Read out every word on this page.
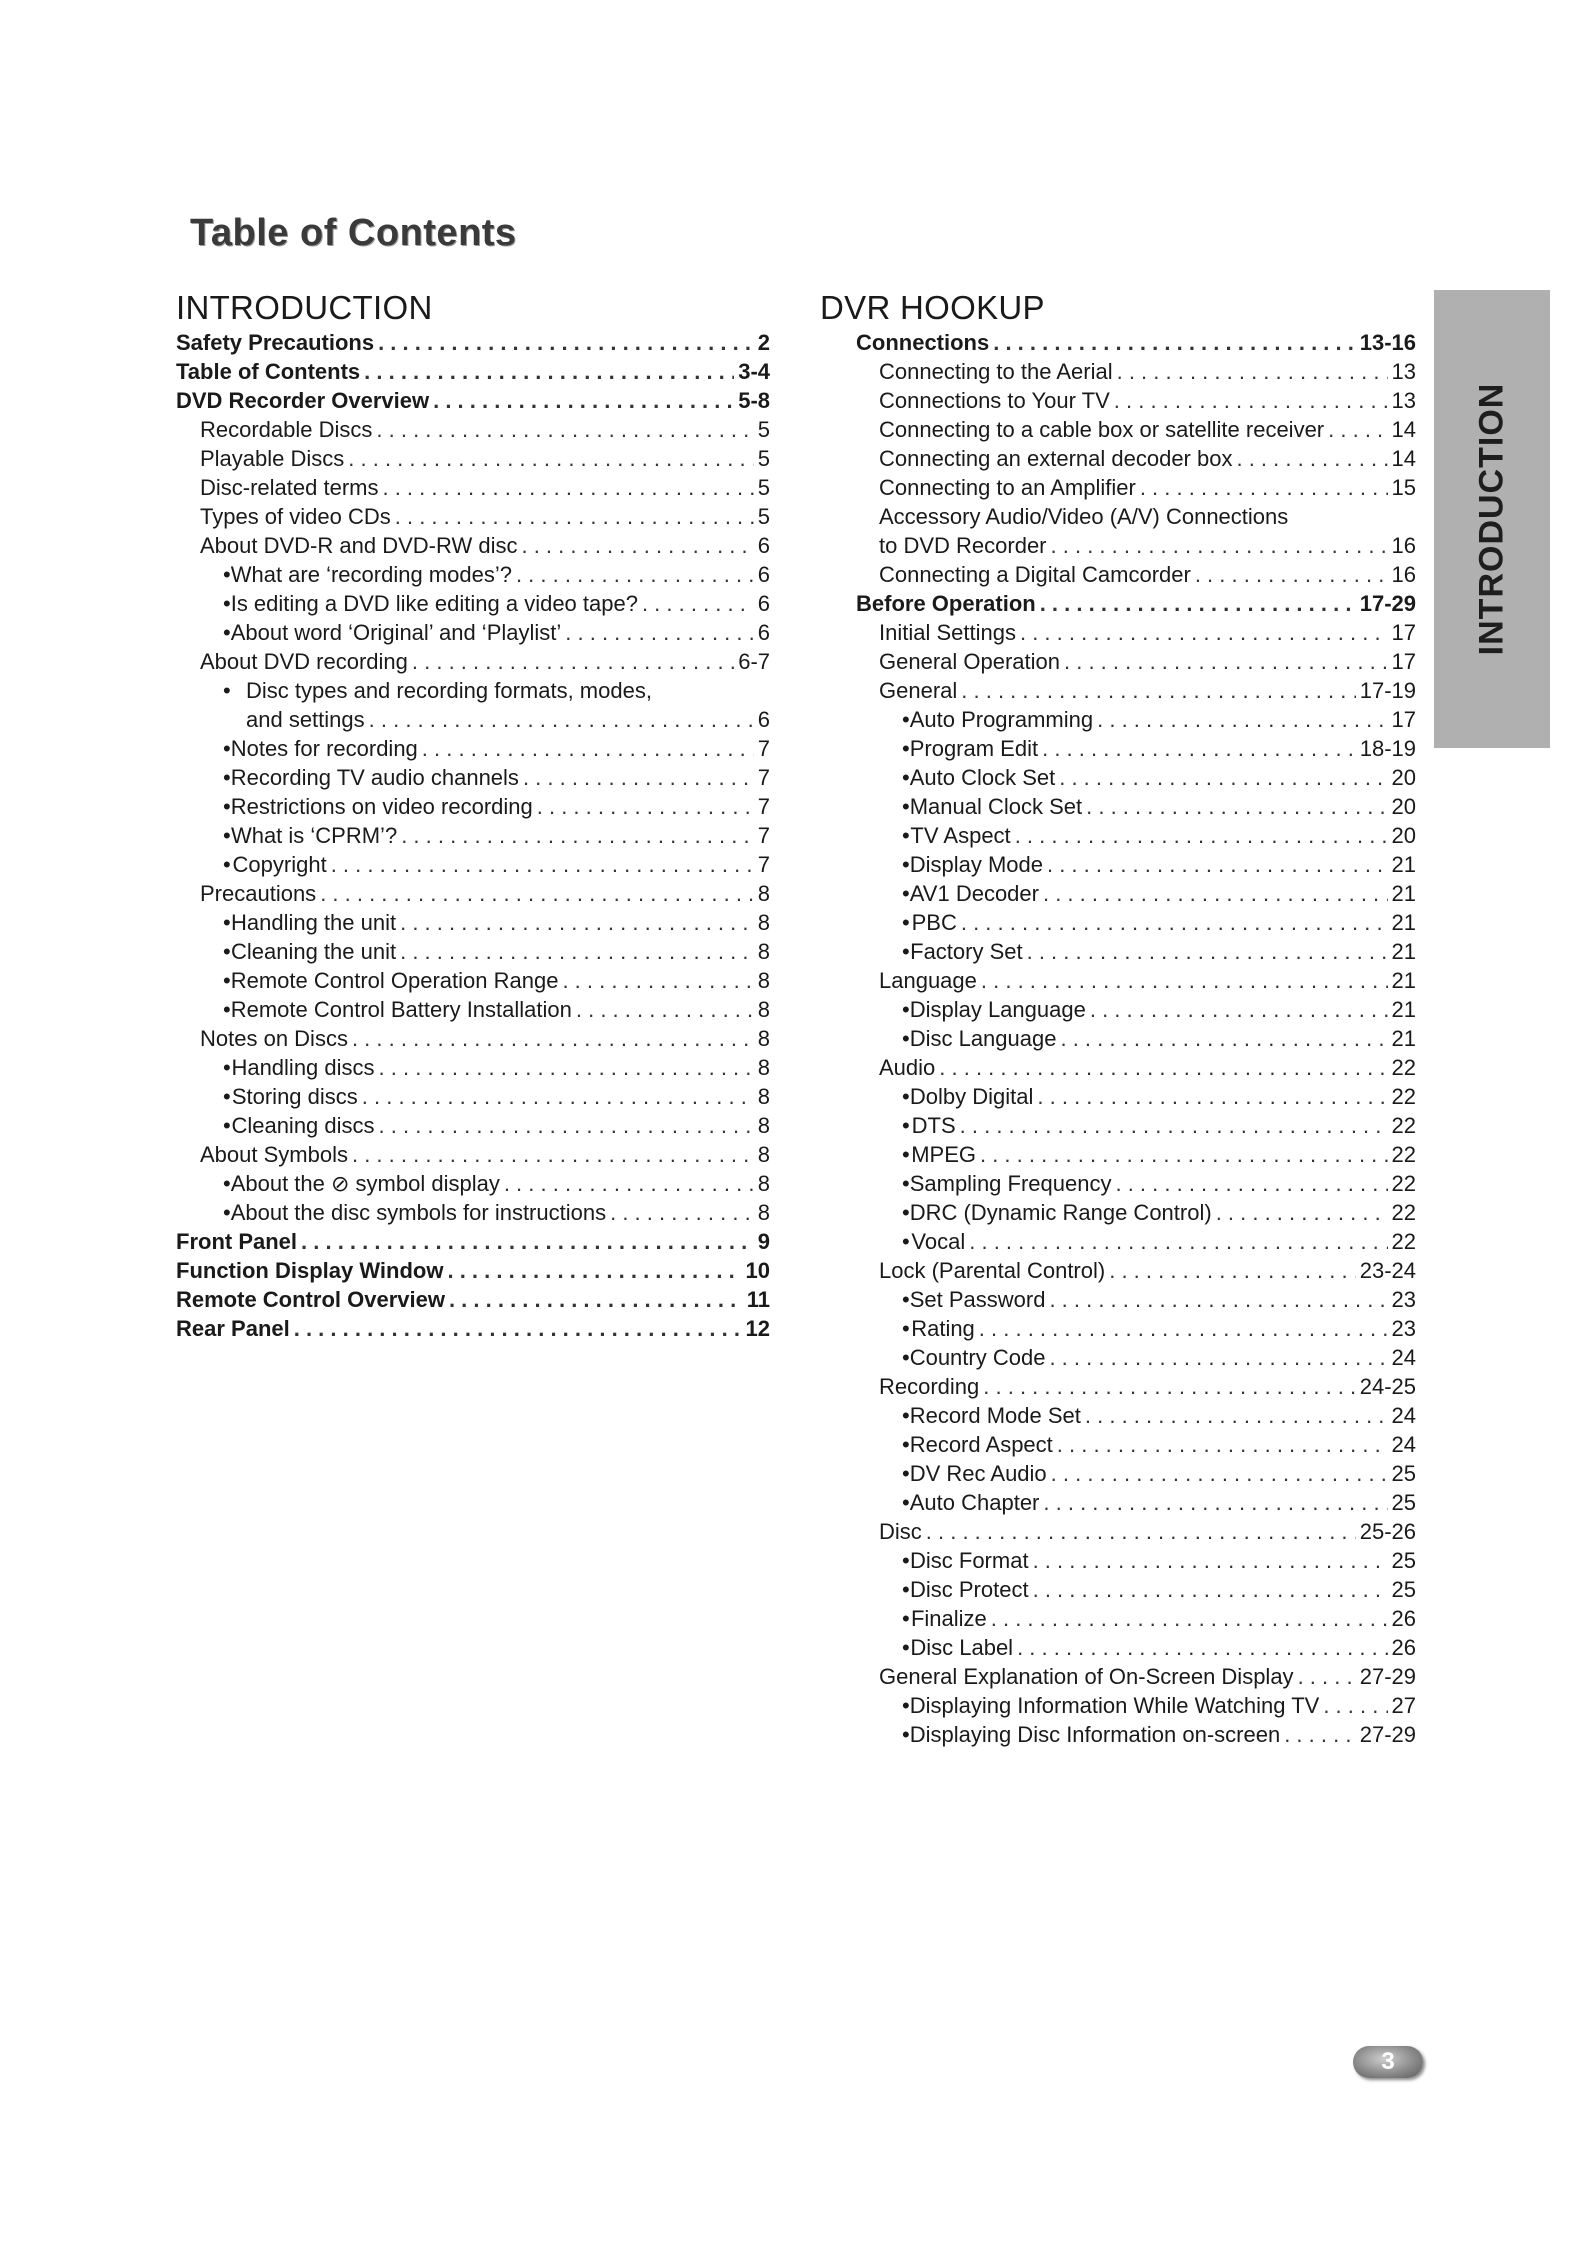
Table of Contents
INTRODUCTION
Safety Precautions . . .	2
Table of Contents . . .	3-4
DVD Recorder Overview . . .	5-8
Recordable Discs . . .	5
Playable Discs . . .	5
Disc-related terms . . .	5
Types of video CDs . . .	5
About DVD-R and DVD-RW disc . . .	6
• What are ‘recording modes’? . . .	6
• Is editing a DVD like editing a video tape? . . .	6
• About word ‘Original’ and ‘Playlist’ . . .	6
About DVD recording . . .	6-7
• Disc types and recording formats, modes,
and settings . . .	6
• Notes for recording . . .	7
• Recording TV audio channels . . .	7
• Restrictions on video recording . . .	7
• What is ‘CPRM’? . . .	7
• Copyright . . .	7
Precautions . . .	8
• Handling the unit . . .	8
• Cleaning the unit . . .	8
• Remote Control Operation Range . . .	8
• Remote Control Battery Installation . . .	8
Notes on Discs . . .	8
• Handling discs . . .	8
• Storing discs . . .	8
• Cleaning discs . . .	8
About Symbols . . .	8
• About the ⊘ symbol display . . .	8
• About the disc symbols for instructions . . .	8
Front Panel . . .	9
Function Display Window . . .	10
Remote Control Overview . . .	11
Rear Panel . . .	12
DVR HOOKUP
Connections . . .	13-16
Connecting to the Aerial . . .	13
Connections to Your TV . . .	13
Connecting to a cable box or satellite receiver . . .	14
Connecting an external decoder box . . .	14
Connecting to an Amplifier . . .	15
Accessory Audio/Video (A/V) Connections
to DVD Recorder . . .	16
Connecting a Digital Camcorder . . .	16
Before Operation . . .	17-29
Initial Settings . . .	17
General Operation . . .	17
General . . .	17-19
• Auto Programming . . .	17
• Program Edit . . .	18-19
• Auto Clock Set . . .	20
• Manual Clock Set . . .	20
• TV Aspect . . .	20
• Display Mode . . .	21
• AV1 Decoder . . .	21
• PBC . . .	21
• Factory Set . . .	21
Language . . .	21
• Display Language . . .	21
• Disc Language . . .	21
Audio . . .	22
• Dolby Digital . . .	22
• DTS . . .	22
• MPEG . . .	22
• Sampling Frequency . . .	22
• DRC (Dynamic Range Control) . . .	22
• Vocal . . .	22
Lock (Parental Control) . . .	23-24
• Set Password . . .	23
• Rating . . .	23
• Country Code . . .	24
Recording . . .	24-25
• Record Mode Set . . .	24
• Record Aspect . . .	24
• DV Rec Audio . . .	25
• Auto Chapter . . .	25
Disc . . .	25-26
• Disc Format . . .	25
• Disc Protect . . .	25
• Finalize . . .	26
• Disc Label . . .	26
General Explanation of On-Screen Display . . .	27-29
• Displaying Information While Watching TV . . .	27
• Displaying Disc Information on-screen . . .	27-29
INTRODUCTION
3
